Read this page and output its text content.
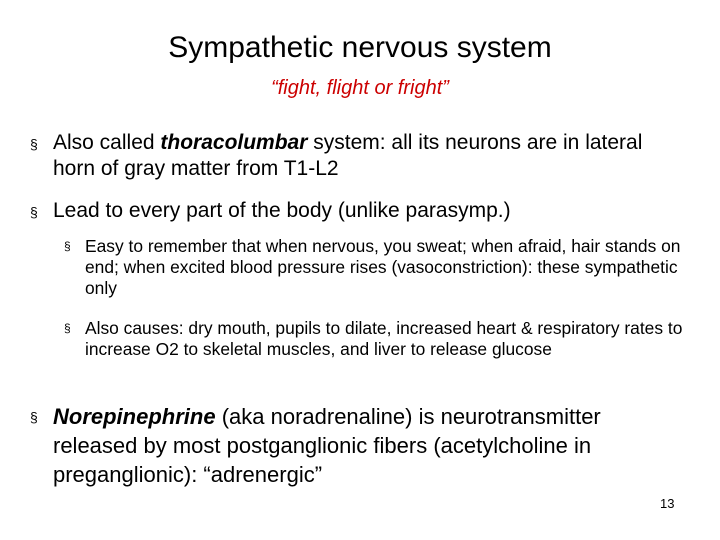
Sympathetic nervous system
“fight, flight or fright”
§ Also called thoracolumbar system: all its neurons are in lateral horn of gray matter from T1-L2
§ Lead to every part of the body (unlike parasymp.)
§ Easy to remember that when nervous, you sweat; when afraid, hair stands on end; when excited blood pressure rises (vasoconstriction): these sympathetic only
§ Also causes: dry mouth, pupils to dilate, increased heart & respiratory rates to increase O2 to skeletal muscles, and liver to release glucose
§ Norepinephrine (aka noradrenaline) is neurotransmitter released by most postganglionic fibers (acetylcholine in preganglionic): “adrenergic”
13
